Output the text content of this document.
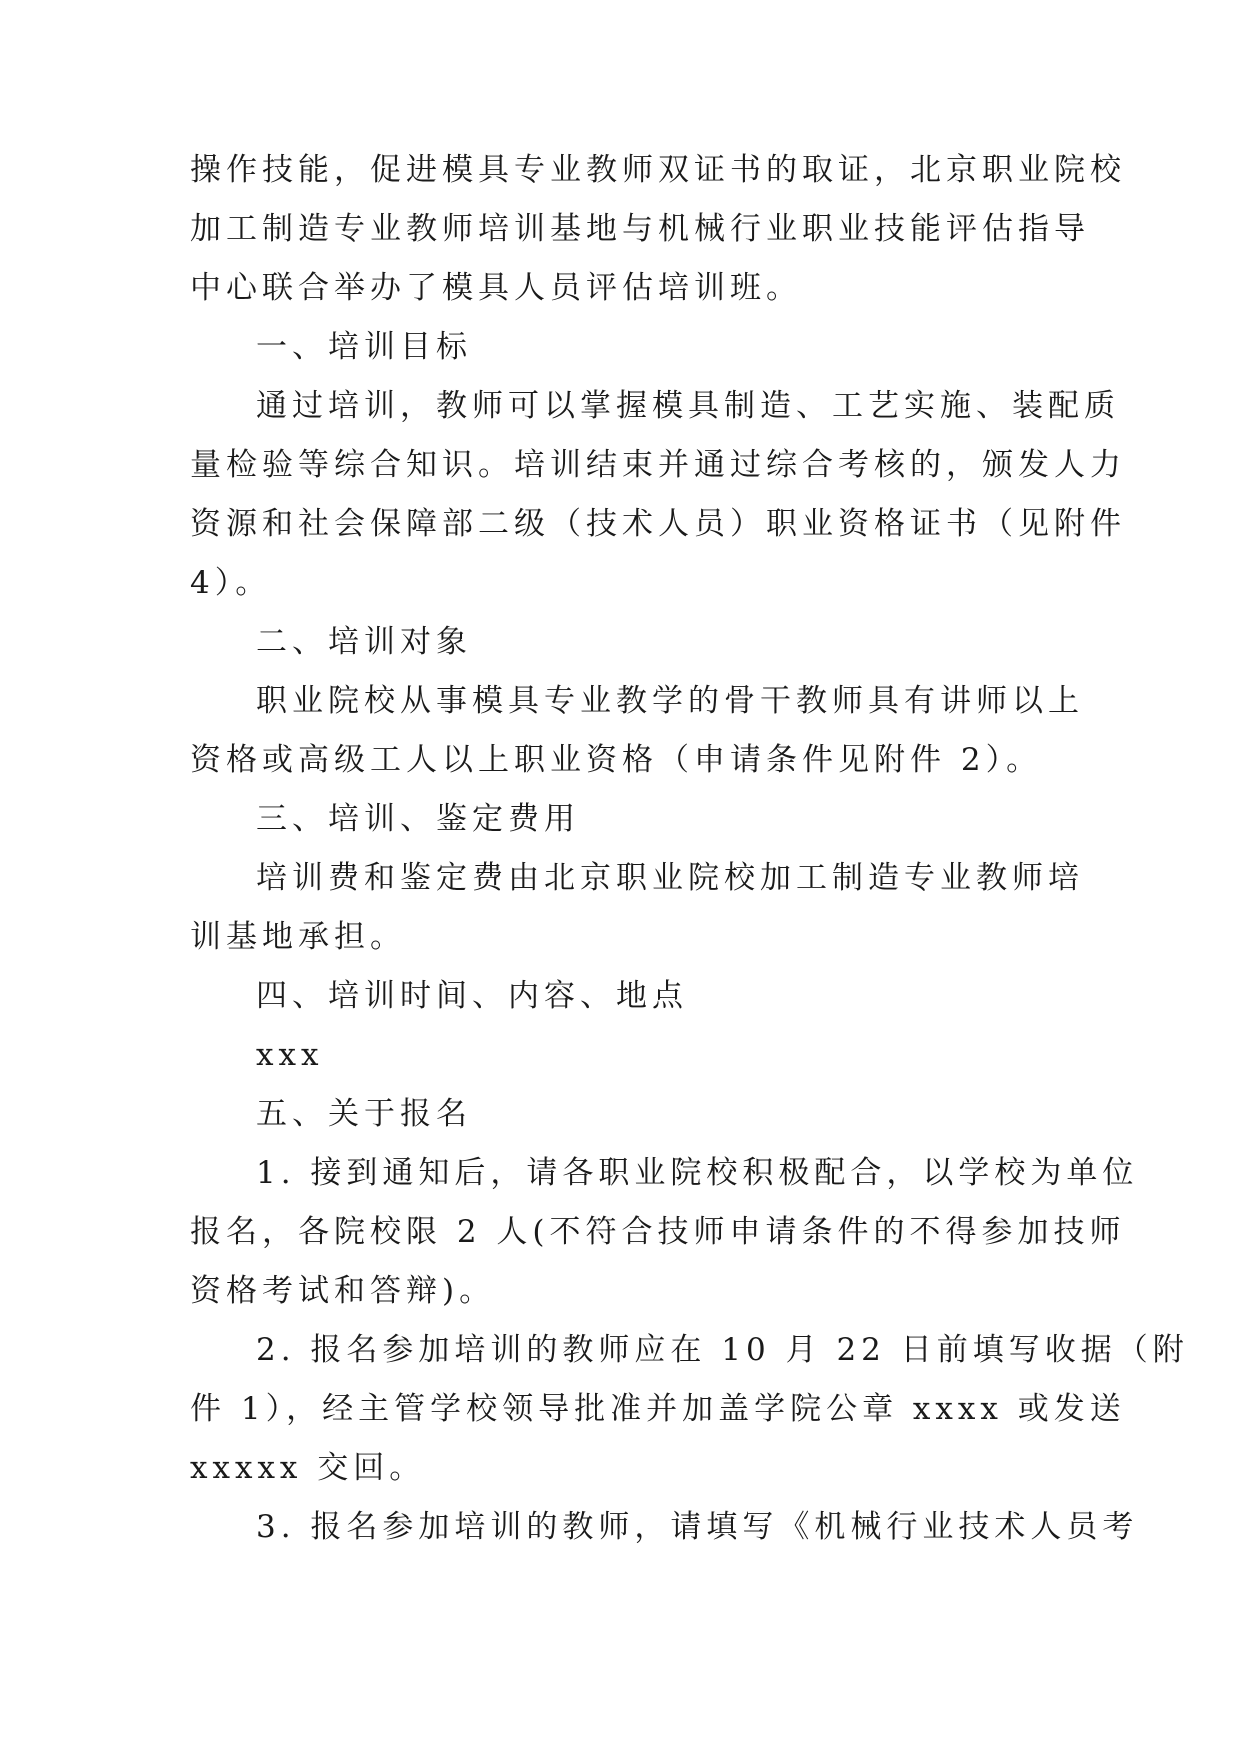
操作技能，促进模具专业教师双证书的取证，北京职业院校

加工制造专业教师培训基地与机械行业职业技能评估指导

中心联合举办了模具人员评估培训班。

一、培训目标

通过培训，教师可以掌握模具制造、工艺实施、装配质

量检验等综合知识。培训结束并通过综合考核的，颁发人力

资源和社会保障部二级（技术人员）职业资格证书（见附件

4）。

二、培训对象

职业院校从事模具专业教学的骨干教师具有讲师以上

资格或高级工人以上职业资格（申请条件见附件 2）。

三、培训、鉴定费用

培训费和鉴定费由北京职业院校加工制造专业教师培

训基地承担。

四、培训时间、内容、地点

xxx

五、关于报名

1. 接到通知后，请各职业院校积极配合，以学校为单位

报名，各院校限 2 人(不符合技师申请条件的不得参加技师

资格考试和答辩)。

2. 报名参加培训的教师应在 10 月 22 日前填写收据（附

件 1），经主管学校领导批准并加盖学院公章 xxxx 或发送

xxxxx 交回。

3. 报名参加培训的教师，请填写《机械行业技术人员考
